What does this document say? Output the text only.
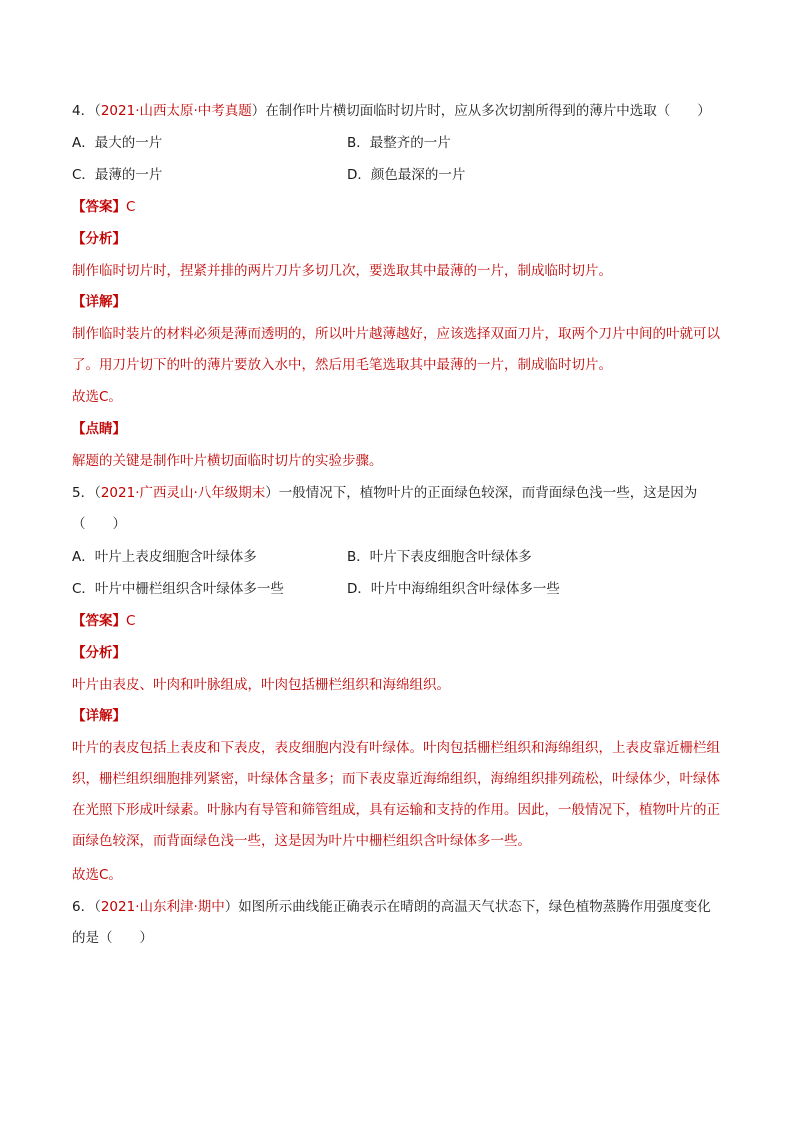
4．（2021·山西太原·中考真题）在制作叶片横切面临时切片时，应从多次切割所得到的薄片中选取（　　）
A．最大的一片	B．最整齐的一片
C．最薄的一片	D．颜色最深的一片
【答案】C
【分析】
制作临时切片时，捏紧并排的两片刀片多切几次，要选取其中最薄的一片，制成临时切片。
【详解】
制作临时装片的材料必须是薄而透明的，所以叶片越薄越好，应该选择双面刀片，取两个刀片中间的叶就可以了。用刀片切下的叶的薄片要放入水中，然后用毛笔选取其中最薄的一片，制成临时切片。
故选C。
【点睛】
解题的关键是制作叶片横切面临时切片的实验步骤。
5．（2021·广西灵山·八年级期末）一般情况下，植物叶片的正面绿色较深，而背面绿色浅一些，这是因为（　　）
A．叶片上表皮细胞含叶绿体多	B．叶片下表皮细胞含叶绿体多
C．叶片中栅栏组织含叶绿体多一些	D．叶片中海绵组织含叶绿体多一些
【答案】C
【分析】
叶片由表皮、叶肉和叶脉组成，叶肉包括栅栏组织和海绵组织。
【详解】
叶片的表皮包括上表皮和下表皮，表皮细胞内没有叶绿体。叶肉包括栅栏组织和海绵组织，上表皮靠近栅栏组织，栅栏组织细胞排列紧密，叶绿体含量多；而下表皮靠近海绵组织，海绵组织排列疏松，叶绿体少，叶绿体在光照下形成叶绿素。叶脉内有导管和筛管组成，具有运输和支持的作用。因此，一般情况下，植物叶片的正面绿色较深，而背面绿色浅一些，这是因为叶片中栅栏组织含叶绿体多一些。
故选C。
6．（2021·山东利津·期中）如图所示曲线能正确表示在晴朗的高温天气状态下，绿色植物蒸腾作用强度变化的是（　　）
